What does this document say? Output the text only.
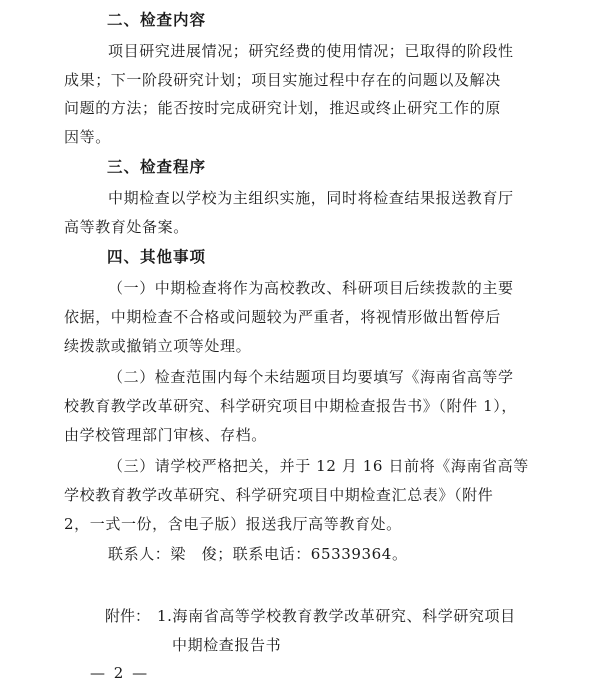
二、检查内容
项目研究进展情况；研究经费的使用情况；已取得的阶段性
成果；下一阶段研究计划；项目实施过程中存在的问题以及解决
问题的方法；能否按时完成研究计划，推迟或终止研究工作的原
因等。
三、检查程序
中期检查以学校为主组织实施，同时将检查结果报送教育厅
高等教育处备案。
四、其他事项
（一）中期检查将作为高校教改、科研项目后续拨款的主要
依据，中期检查不合格或问题较为严重者，将视情形做出暂停后
续拨款或撤销立项等处理。
（二）检查范围内每个未结题项目均要填写《海南省高等学
校教育教学改革研究、科学研究项目中期检查报告书》（附件 1），
由学校管理部门审核、存档。
（三）请学校严格把关，并于 12 月 16 日前将《海南省高等
学校教育教学改革研究、科学研究项目中期检查汇总表》（附件
2，一式一份，含电子版）报送我厅高等教育处。
联系人：梁　俊；联系电话：65339364。
附件： 1.海南省高等学校教育教学改革研究、科学研究项目
中期检查报告书
— 2 —
